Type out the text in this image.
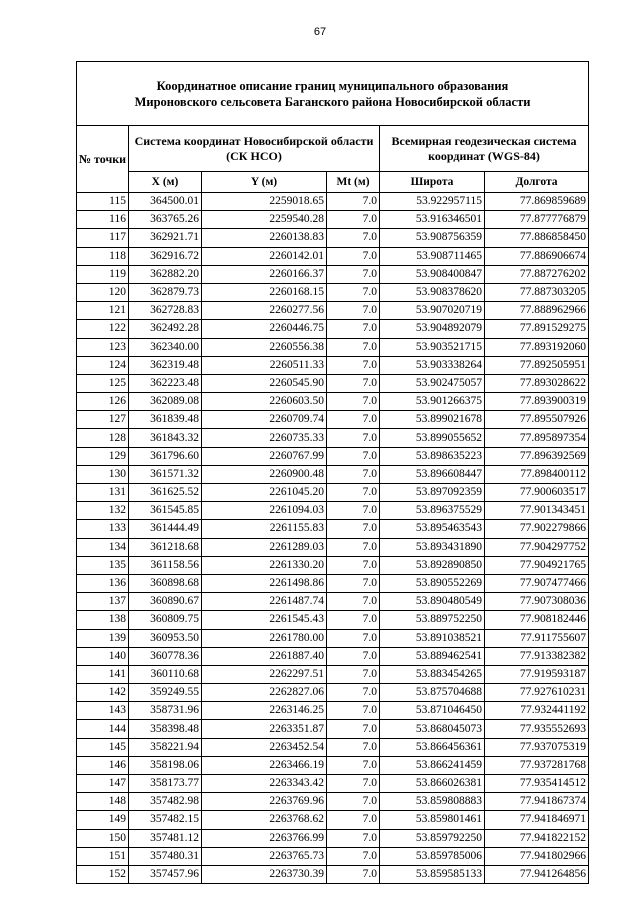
67
Координатное описание границ муниципального образования
Мироновского сельсовета Баганского района Новосибирской области					

№ точки	Система координат Новосибирской области (СК НСО)			Всемирная геодезическая система координат (WGS-84)	
	X (м)	Y (м)	Mt (м)	Широта	Долгота
115	364500.01	2259018.65	7.0	53.922957115	77.869859689
116	363765.26	2259540.28	7.0	53.916346501	77.877776879
117	362921.71	2260138.83	7.0	53.908756359	77.886858450
118	362916.72	2260142.01	7.0	53.908711465	77.886906674
119	362882.20	2260166.37	7.0	53.908400847	77.887276202
120	362879.73	2260168.15	7.0	53.908378620	77.887303205
121	362728.83	2260277.56	7.0	53.907020719	77.888962966
122	362492.28	2260446.75	7.0	53.904892079	77.891529275
123	362340.00	2260556.38	7.0	53.903521715	77.893192060
124	362319.48	2260511.33	7.0	53.903338264	77.892505951
125	362223.48	2260545.90	7.0	53.902475057	77.893028622
126	362089.08	2260603.50	7.0	53.901266375	77.893900319
127	361839.48	2260709.74	7.0	53.899021678	77.895507926
128	361843.32	2260735.33	7.0	53.899055652	77.895897354
129	361796.60	2260767.99	7.0	53.898635223	77.896392569
130	361571.32	2260900.48	7.0	53.896608447	77.898400112
131	361625.52	2261045.20	7.0	53.897092359	77.900603517
132	361545.85	2261094.03	7.0	53.896375529	77.901343451
133	361444.49	2261155.83	7.0	53.895463543	77.902279866
134	361218.68	2261289.03	7.0	53.893431890	77.904297752
135	361158.56	2261330.20	7.0	53.892890850	77.904921765
136	360898.68	2261498.86	7.0	53.890552269	77.907477466
137	360890.67	2261487.74	7.0	53.890480549	77.907308036
138	360809.75	2261545.43	7.0	53.889752250	77.908182446
139	360953.50	2261780.00	7.0	53.891038521	77.911755607
140	360778.36	2261887.40	7.0	53.889462541	77.913382382
141	360110.68	2262297.51	7.0	53.883454265	77.919593187
142	359249.55	2262827.06	7.0	53.875704688	77.927610231
143	358731.96	2263146.25	7.0	53.871046450	77.932441192
144	358398.48	2263351.87	7.0	53.868045073	77.935552693
145	358221.94	2263452.54	7.0	53.866456361	77.937075319
146	358198.06	2263466.19	7.0	53.866241459	77.937281768
147	358173.77	2263343.42	7.0	53.866026381	77.935414512
148	357482.98	2263769.96	7.0	53.859808883	77.941867374
149	357482.15	2263768.62	7.0	53.859801461	77.941846971
150	357481.12	2263766.99	7.0	53.859792250	77.941822152
151	357480.31	2263765.73	7.0	53.859785006	77.941802966
152	357457.96	2263730.39	7.0	53.859585133	77.941264856
